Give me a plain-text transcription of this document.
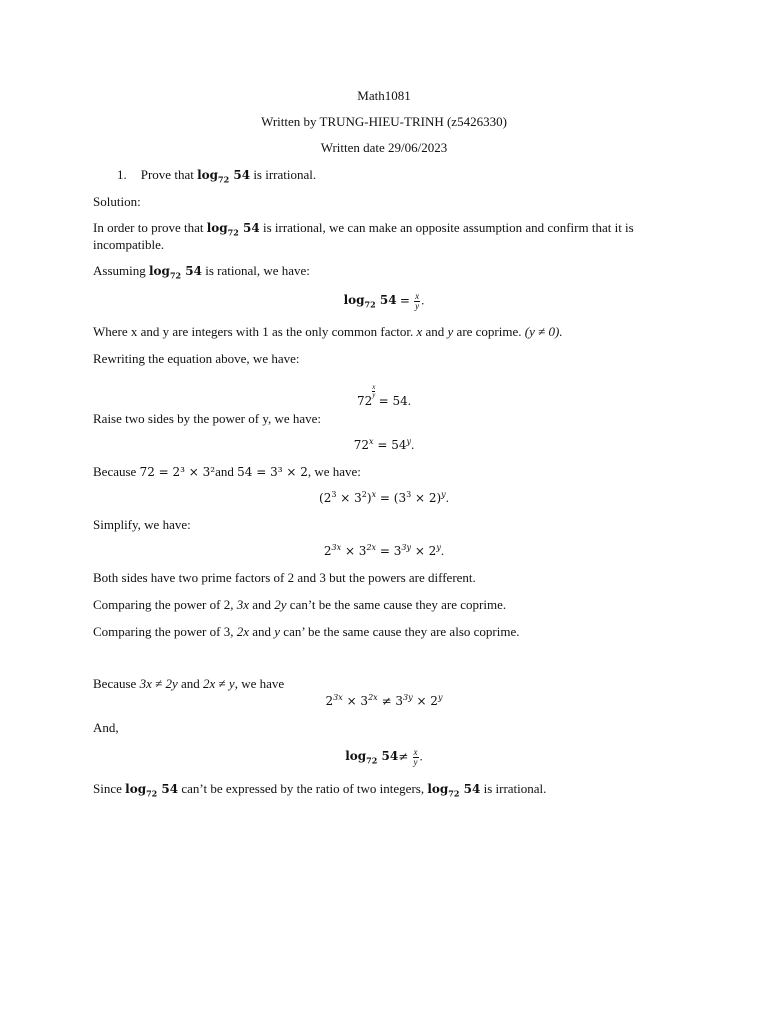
Math1081
Written by TRUNG-HIEU-TRINH (z5426330)
Written date 29/06/2023
1. Prove that $\log_{72} 54$ is irrational.
Solution:
In order to prove that $\log_{72} 54$ is irrational, we can make an opposite assumption and confirm that it is
incompatible.
Assuming $\log_{72} 54$ is rational, we have:
$\log_{72} 54 = \frac{x}{y}$ .
Where x and y are integers with 1 as the only common factor. x and y are coprime. (y ≠ 0).
Rewriting the equation above, we have:
72
$\frac{x}{y}$
= 54.
Raise two sides by the power of y, we have:
$72^x = 54^y$.
Because 72 = 2³ × 3²and 54 = 3³ × 2, we have:
$(2^3 \times 3^2)^x = (3^3 \times 2)^y$.
Simplify, we have:
$2^{3x} \times 3^{2x} = 3^{3y} \times 2^y$.
Both sides have two prime factors of 2 and 3 but the powers are different.
Comparing the power of 2, 3x and 2y can’t be the same cause they are coprime.
Comparing the power of 3, 2x and y can’ be the same cause they are also coprime.
Because 3x ≠ 2y and 2x ≠ y, we have
$2^{3x} \times 3^{2x} \ne 3^{3y} \times 2^y$
And,
$\log_{72} 54\ne \frac{x}{y}$ .
Since $\log_{72} 54$ can’t be expressed by the ratio of two integers, $\log_{72} 54$ is irrational.
